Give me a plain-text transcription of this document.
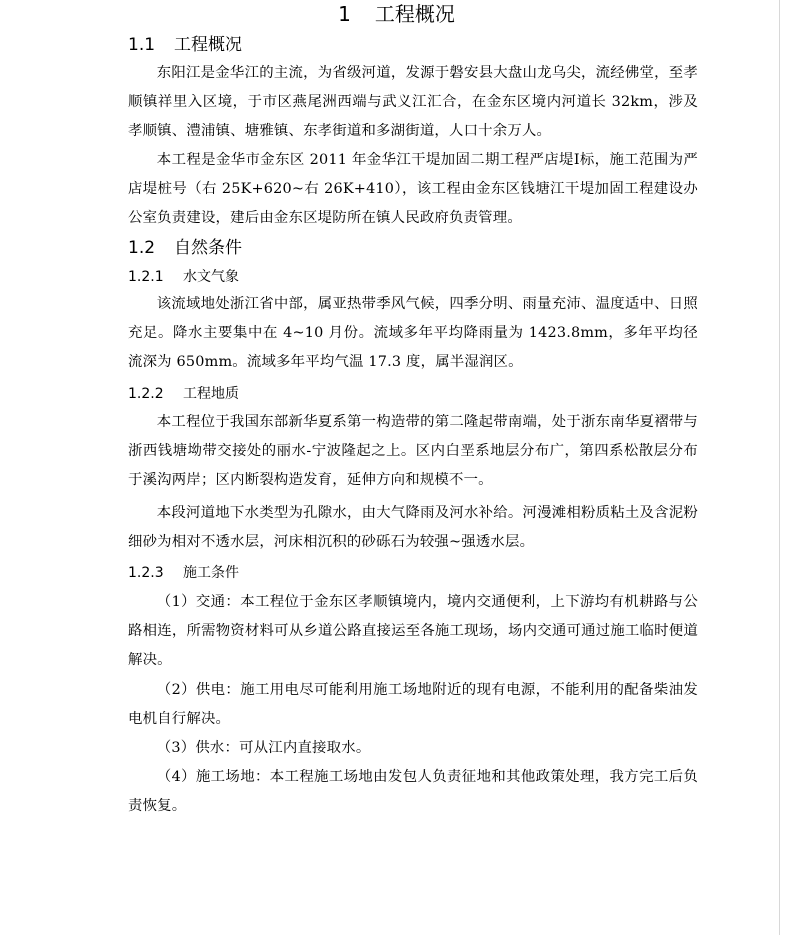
1 工程概况
1.1 工程概况

东阳江是金华江的主流，为省级河道，发源于磐安县大盘山龙乌尖，流经佛堂，至孝顺镇祥里入区境，于市区燕尾洲西端与武义江汇合，在金东区境内河道长 32km，涉及孝顺镇、澧浦镇、塘雅镇、东孝街道和多湖街道，人口十余万人。

本工程是金华市金东区 2011 年金华江干堤加固二期工程严店堤Ⅰ标，施工范围为严店堤桩号（右 25K+620~右 26K+410），该工程由金东区钱塘江干堤加固工程建设办公室负责建设，建后由金东区堤防所在镇人民政府负责管理。

1.2 自然条件
1.2.1 水文气象

该流域地处浙江省中部，属亚热带季风气候，四季分明、雨量充沛、温度适中、日照充足。降水主要集中在 4~10 月份。流域多年平均降雨量为 1423.8mm，多年平均径流深为 650mm。流域多年平均气温 17.3 度，属半湿润区。

1.2.2 工程地质

本工程位于我国东部新华夏系第一构造带的第二隆起带南端，处于浙东南华夏褶带与浙西钱塘坳带交接处的丽水-宁波隆起之上。区内白垩系地层分布广，第四系松散层分布于溪沟两岸；区内断裂构造发育，延伸方向和规模不一。

本段河道地下水类型为孔隙水，由大气降雨及河水补给。河漫滩相粉质粘土及含泥粉细砂为相对不透水层，河床相沉积的砂砾石为较强~强透水层。

1.2.3 施工条件

（1）交通：本工程位于金东区孝顺镇境内，境内交通便利，上下游均有机耕路与公路相连，所需物资材料可从乡道公路直接运至各施工现场，场内交通可通过施工临时便道解决。

（2）供电：施工用电尽可能利用施工场地附近的现有电源，不能利用的配备柴油发电机自行解决。

（3）供水：可从江内直接取水。

（4）施工场地：本工程施工场地由发包人负责征地和其他政策处理，我方完工后负责恢复。
